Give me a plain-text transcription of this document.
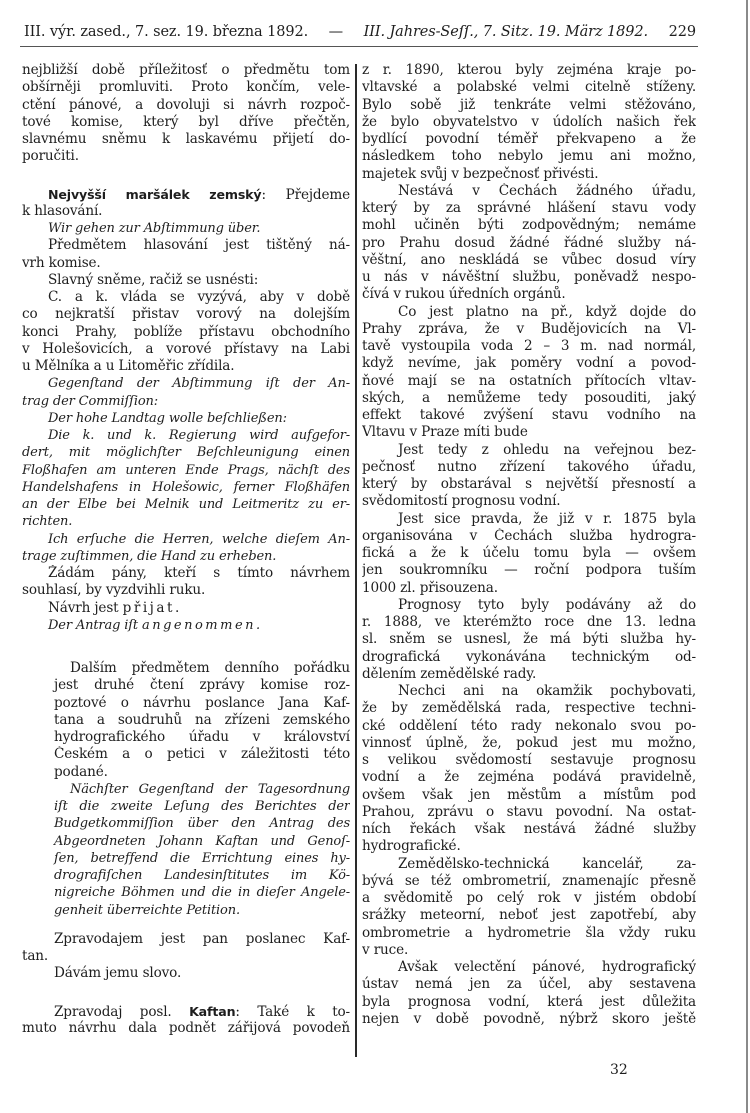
III. výr. zased., 7. sez. 19. března 1892. — III. Jahres-Seſſ., 7. Sitz. 19. März 1892. 229
nejbližší době příležitosť o předmětu tom
obšírněji promluviti. Proto končím, vele-
ctění pánové, a dovoluji si návrh rozpoč-
tové komise, který byl dříve přečtěn,
slavnému sněmu k laskavému přijetí do-
poručiti.
Nejvyšší maršálek zemský: Přejdeme
k hlasování.
Wir gehen zur Abſtimmung über.
Předmětem hlasování jest tištěný ná-
vrh komise.
Slavný sněme, račiž se usnésti:
C. a k. vláda se vyzývá, aby v době
co nejkratší přistav vorový na dolejším
konci Prahy, poblíže přístavu obchodního
v Holešovicích, a vorové přístavy na Labi
u Mělníka a u Litoměřic zřídila.
Gegenſtand der Abſtimmung iſt der An-
trag der Commiſſion:
Der hohe Landtag wolle beſchließen:
Die k. und k. Regierung wird aufgefor-
dert, mit möglichſter Beſchleunigung einen
Floßhafen am unteren Ende Prags, nächſt des
Handelshafens in Holešowic, ferner Floßhäfen
an der Elbe bei Melnik und Leitmeritz zu er-
richten.
Ich erſuche die Herren, welche dieſem An-
trage zuſtimmen, die Hand zu erheben.
Žádám pány, kteří s tímto návrhem
souhlasí, by vyzdvihli ruku.
Návrh jest přijat.
Der Antrag iſt angenommen.
Dalším předmětem denního pořádku
jest druhé čtení zprávy komise roz-
poztové o návrhu poslance Jana Kaf-
tana a soudruhů na zřízeni zemského
hydrografického úřadu v království
Českém a o petici v záležitosti této
podané.
Nächſter Gegenſtand der Tagesordnung
iſt die zweite Leſung des Berichtes der
Budgetkommiſſion über den Antrag des
Abgeordneten Johann Kaftan und Genoſ-
ſen, betreffend die Errichtung eines hy-
drografiſchen Landesinſtitutes im Kö-
nigreiche Böhmen und die in dieſer Angele-
genheit überreichte Petition.
Zpravodajem jest pan poslanec Kaf-
tan.
Dávám jemu slovo.
Zpravodaj posl. Kaftan: Také k to-
muto návrhu dala podnět zářijová povodeň
z r. 1890, kterou byly zejména kraje po-
vltavské a polabské velmi citelně stíženy.
Bylo sobě již tenkráte velmi stěžováno,
že bylo obyvatelstvo v údolích našich řek
bydlící povodní téměř překvapeno a že
následkem toho nebylo jemu ani možno,
majetek svůj v bezpečnosť přivésti.
Nestává v Čechách žádného úřadu,
který by za správné hlášení stavu vody
mohl učiněn býti zodpovědným; nemáme
pro Prahu dosud žádné řádné služby ná-
věštní, ano neskládá se vůbec dosud víry
u nás v návěštní službu, poněvadž nespo-
čívá v rukou úředních orgánů.
Co jest platno na př., když dojde do
Prahy zpráva, že v Budějovicích na Vl-
tavě vystoupila voda 2 – 3 m. nad normál,
když nevíme, jak poměry vodní a povod-
ňové mají se na ostatních přítocích vltav-
ských, a nemůžeme tedy posouditi, jaký
effekt takové zvýšení stavu vodního na
Vltavu v Praze míti bude
Jest tedy z ohledu na veřejnou bez-
pečnosť nutno zřízení takového úřadu,
který by obstarával s největší přesností a
svědomitostí prognosu vodní.
Jest sice pravda, že již v r. 1875 byla
organisována v Čechách služba hydrogra-
fická a že k účelu tomu byla — ovšem
jen soukromníku — roční podpora tuším
1000 zl. přisouzena.
Prognosy tyto byly podávány až do
r. 1888, ve kterémžto roce dne 13. ledna
sl. sněm se usnesl, že má býti služba hy-
drografická vykonávána technickým od-
dělením zemědělské rady.
Nechci ani na okamžik pochybovati,
že by zemědělská rada, respective techni-
cké oddělení této rady nekonalo svou po-
vinnosť úplně, že, pokud jest mu možno,
s velikou svědomostí sestavuje prognosu
vodní a že zejména podává pravidelně,
ovšem však jen městům a místům pod
Prahou, zprávu o stavu povodní. Na ostat-
ních řekách však nestává žádné služby
hydrografické.
Zemědělsko-technická kancelář, za-
bývá se též ombrometrií, znamenajíc přesně
a svědomitě po celý rok v jistém období
srážky meteorní, neboť jest zapotřebí, aby
ombrometrie a hydrometrie šla vždy ruku
v ruce.
Avšak velectění pánové, hydrografický
ústav nemá jen za účel, aby sestavena
byla prognosa vodní, která jest důležita
nejen v době povodně, nýbrž skoro ještě
32
